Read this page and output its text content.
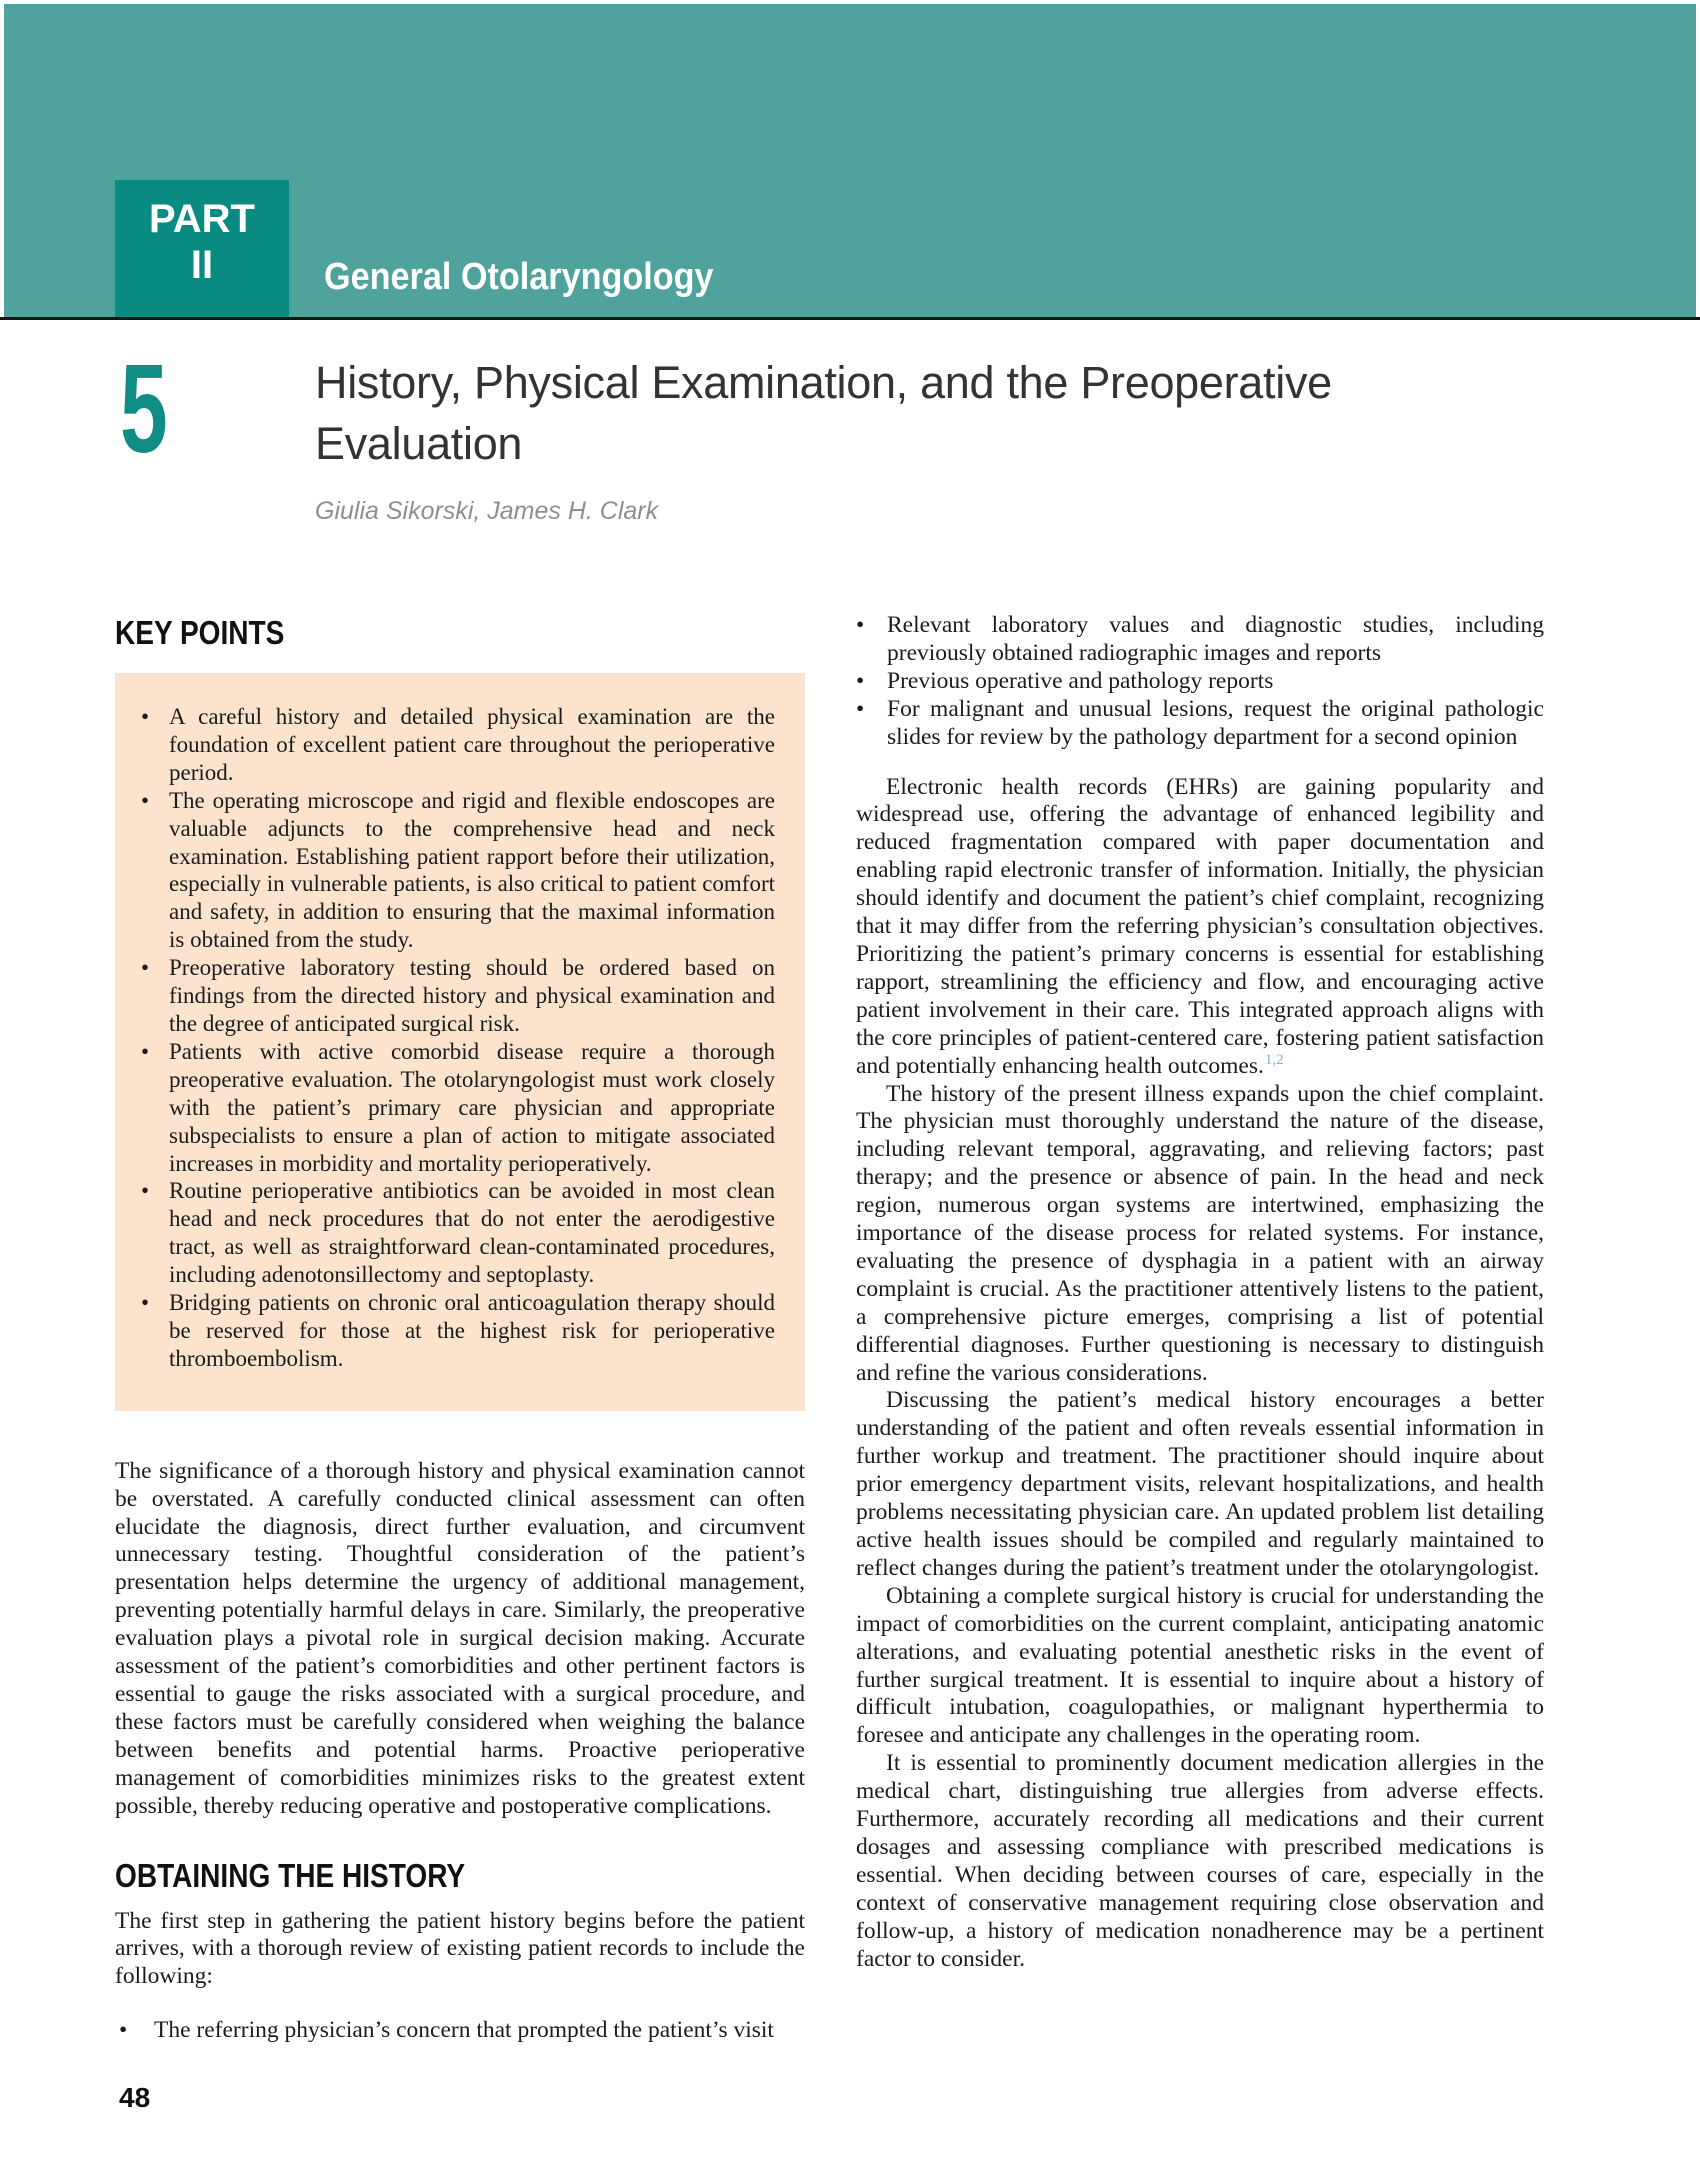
PART
II	General Otolaryngology
5	History, Physical Examination, and the Preoperative Evaluation
Giulia Sikorski, James H. Clark
KEY POINTS
• A careful history and detailed physical examination are the foundation of excellent patient care throughout the perioperative period.
• The operating microscope and rigid and flexible endoscopes are valuable adjuncts to the comprehensive head and neck examination. Establishing patient rapport before their utilization, especially in vulnerable patients, is also critical to patient comfort and safety, in addition to ensuring that the maximal information is obtained from the study.
• Preoperative laboratory testing should be ordered based on findings from the directed history and physical examination and the degree of anticipated surgical risk.
• Patients with active comorbid disease require a thorough preoperative evaluation. The otolaryngologist must work closely with the patient’s primary care physician and appropriate subspecialists to ensure a plan of action to mitigate associated increases in morbidity and mortality perioperatively.
• Routine perioperative antibiotics can be avoided in most clean head and neck procedures that do not enter the aerodigestive tract, as well as straightforward clean-contaminated procedures, including adenotonsillectomy and septoplasty.
• Bridging patients on chronic oral anticoagulation therapy should be reserved for those at the highest risk for perioperative thromboembolism.

The significance of a thorough history and physical examination cannot be overstated. A carefully conducted clinical assessment can often elucidate the diagnosis, direct further evaluation, and circumvent unnecessary testing. Thoughtful consideration of the patient’s presentation helps determine the urgency of additional management, preventing potentially harmful delays in care. Similarly, the preoperative evaluation plays a pivotal role in surgical decision making. Accurate assessment of the patient’s comorbidities and other pertinent factors is essential to gauge the risks associated with a surgical procedure, and these factors must be carefully considered when weighing the balance between benefits and potential harms. Proactive perioperative management of comorbidities minimizes risks to the greatest extent possible, thereby reducing operative and postoperative complications.

OBTAINING THE HISTORY

The first step in gathering the patient history begins before the patient arrives, with a thorough review of existing patient records to include the following:

• The referring physician’s concern that prompted the patient’s visit
• Relevant laboratory values and diagnostic studies, including previously obtained radiographic images and reports
• Previous operative and pathology reports
• For malignant and unusual lesions, request the original pathologic slides for review by the pathology department for a second opinion

Electronic health records (EHRs) are gaining popularity and widespread use, offering the advantage of enhanced legibility and reduced fragmentation compared with paper documentation and enabling rapid electronic transfer of information. Initially, the physician should identify and document the patient’s chief complaint, recognizing that it may differ from the referring physician’s consultation objectives. Prioritizing the patient’s primary concerns is essential for establishing rapport, streamlining the efficiency and flow, and encouraging active patient involvement in their care. This integrated approach aligns with the core principles of patient-centered care, fostering patient satisfaction and potentially enhancing health outcomes.$^{1,2}$

The history of the present illness expands upon the chief complaint. The physician must thoroughly understand the nature of the disease, including relevant temporal, aggravating, and relieving factors; past therapy; and the presence or absence of pain. In the head and neck region, numerous organ systems are intertwined, emphasizing the importance of the disease process for related systems. For instance, evaluating the presence of dysphagia in a patient with an airway complaint is crucial. As the practitioner attentively listens to the patient, a comprehensive picture emerges, comprising a list of potential differential diagnoses. Further questioning is necessary to distinguish and refine the various considerations.

Discussing the patient’s medical history encourages a better understanding of the patient and often reveals essential information in further workup and treatment. The practitioner should inquire about prior emergency department visits, relevant hospitalizations, and health problems necessitating physician care. An updated problem list detailing active health issues should be compiled and regularly maintained to reflect changes during the patient’s treatment under the otolaryngologist.

Obtaining a complete surgical history is crucial for understanding the impact of comorbidities on the current complaint, anticipating anatomic alterations, and evaluating potential anesthetic risks in the event of further surgical treatment. It is essential to inquire about a history of difficult intubation, coagulopathies, or malignant hyperthermia to foresee and anticipate any challenges in the operating room.

It is essential to prominently document medication allergies in the medical chart, distinguishing true allergies from adverse effects. Furthermore, accurately recording all medications and their current dosages and assessing compliance with prescribed medications is essential. When deciding between courses of care, especially in the context of conservative management requiring close observation and follow-up, a history of medication nonadherence may be a pertinent factor to consider.

48
